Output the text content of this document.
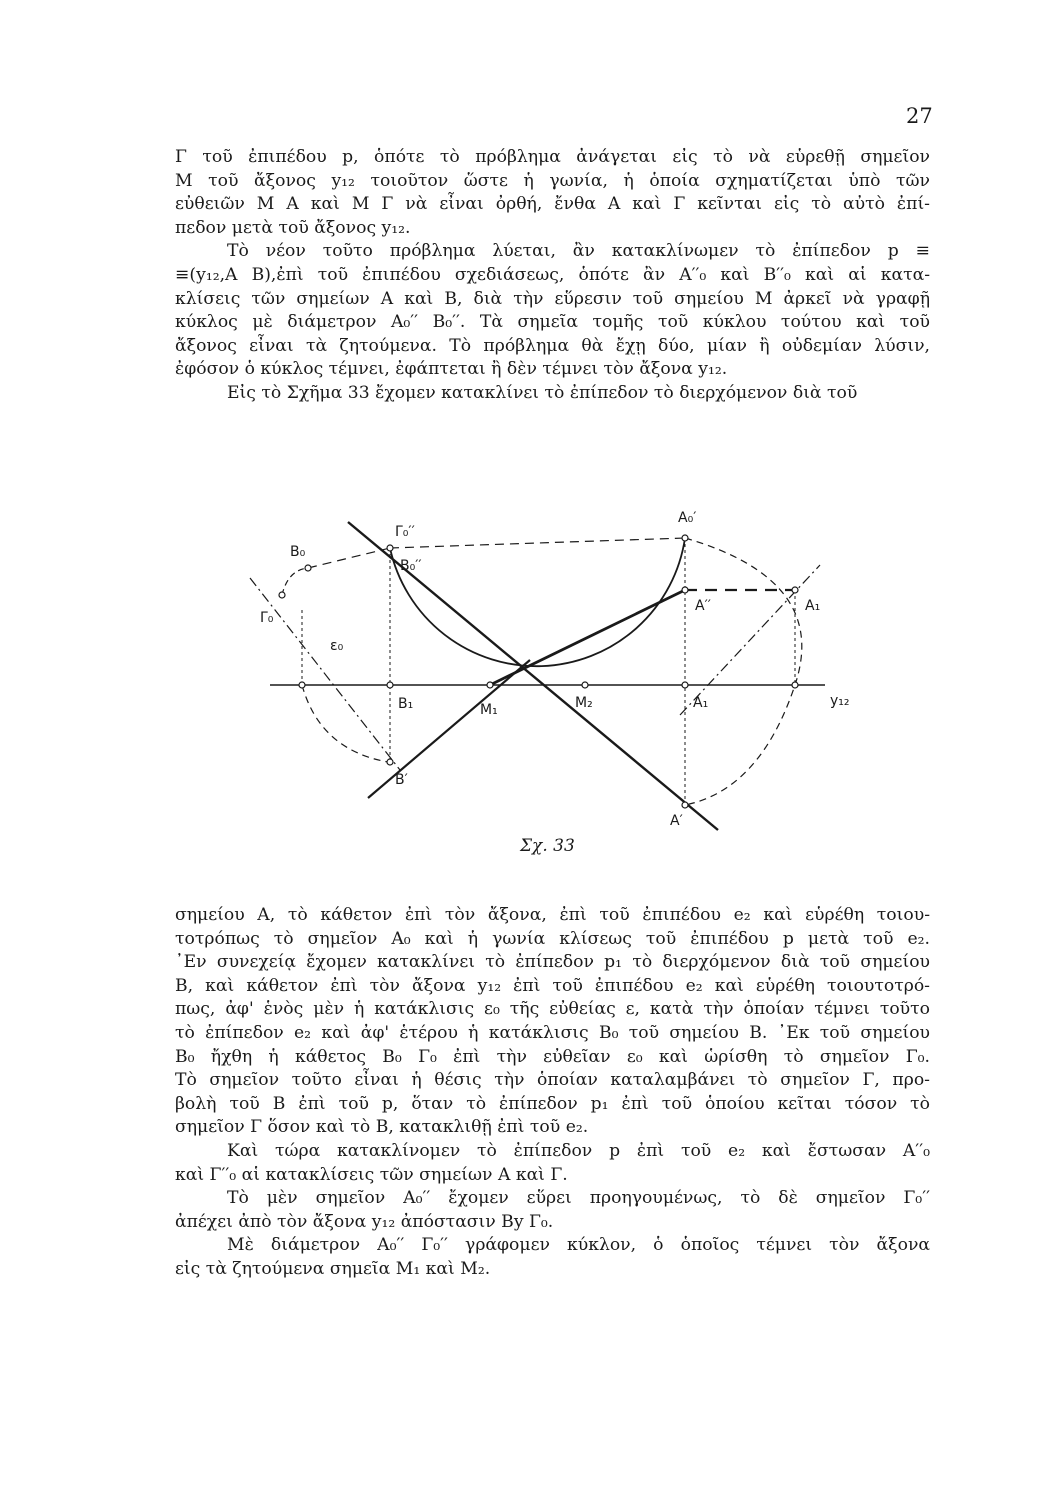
27
Γ τοῦ ἐπιπέδου p, ὁπότε τὸ πρόβλημα ἀνάγεται εἰς τὸ νὰ εὑρεθῇ σημεῖον
M τοῦ ἄξονος y₁₂ τοιοῦτον ὥστε ἡ γωνία, ἡ ὁποία σχηματίζεται ὑπὸ τῶν
εὐθειῶν M A καὶ M Γ νὰ εἶναι ὀρθή, ἔνθα A καὶ Γ κεῖνται εἰς τὸ αὐτὸ ἐπί-
πεδον μετὰ τοῦ ἄξονος y₁₂.
Τὸ νέον τοῦτο πρόβλημα λύεται, ἂν κατακλίνωμεν τὸ ἐπίπεδον p ≡
≡(y₁₂,A B),ἐπὶ τοῦ ἐπιπέδου σχεδιάσεως, ὁπότε ἂν A′′₀ καὶ B′′₀ καὶ αἱ κατα-
κλίσεις τῶν σημείων A καὶ B, διὰ τὴν εὕρεσιν τοῦ σημείου M ἀρκεῖ νὰ γραφῇ
κύκλος μὲ διάμετρον A₀′′ B₀′′. Τὰ σημεῖα τομῆς τοῦ κύκλου τούτου καὶ τοῦ
ἄξονος εἶναι τὰ ζητούμενα. Τὸ πρόβλημα θὰ ἔχῃ δύο, μίαν ἢ οὐδεμίαν λύσιν,
ἐφόσον ὁ κύκλος τέμνει, ἐφάπτεται ἢ δὲν τέμνει τὸν ἄξονα y₁₂.
Εἰς τὸ Σχῆμα 33 ἔχομεν κατακλίνει τὸ ἐπίπεδον τὸ διερχόμενον διὰ τοῦ
A₀′
Γ₀′′
B₀
B₀′′
Γ₀
ε₀
A′′	A₁
B₁	M₁	M₂	A₁	y₁₂
B′
A′
Σχ. 33
σημείου A, τὸ κάθετον ἐπὶ τὸν ἄξονα, ἐπὶ τοῦ ἐπιπέδου e₂ καὶ εὑρέθη τοιου-
τοτρόπως τὸ σημεῖον A₀ καὶ ἡ γωνία κλίσεως τοῦ ἐπιπέδου p μετὰ τοῦ e₂.
᾿Εν συνεχείᾳ ἔχομεν κατακλίνει τὸ ἐπίπεδον p₁ τὸ διερχόμενον διὰ τοῦ σημείου
B, καὶ κάθετον ἐπὶ τὸν ἄξονα y₁₂ ἐπὶ τοῦ ἐπιπέδου e₂ καὶ εὑρέθη τοιουτοτρό-
πως, ἀφ' ἑνὸς μὲν ἡ κατάκλισις ε₀ τῆς εὐθείας ε, κατὰ τὴν ὁποίαν τέμνει τοῦτο
τὸ ἐπίπεδον e₂ καὶ ἀφ' ἑτέρου ἡ κατάκλισις B₀ τοῦ σημείου B. ᾿Εκ τοῦ σημείου
B₀ ἤχθη ἡ κάθετος B₀ Γ₀ ἐπὶ τὴν εὐθεῖαν ε₀ καὶ ὡρίσθη τὸ σημεῖον Γ₀.
Τὸ σημεῖον τοῦτο εἶναι ἡ θέσις τὴν ὁποίαν καταλαμβάνει τὸ σημεῖον Γ, προ-
βολὴ τοῦ B ἐπὶ τοῦ p, ὅταν τὸ ἐπίπεδον p₁ ἐπὶ τοῦ ὁποίου κεῖται τόσον τὸ
σημεῖον Γ ὅσον καὶ τὸ B, κατακλιθῇ ἐπὶ τοῦ e₂.
Καὶ τώρα κατακλίνομεν τὸ ἐπίπεδον p ἐπὶ τοῦ e₂ καὶ ἔστωσαν A′′₀
καὶ Γ′′₀ αἱ κατακλίσεις τῶν σημείων A καὶ Γ.
Τὸ μὲν σημεῖον A₀′′ ἔχομεν εὕρει προηγουμένως, τὸ δὲ σημεῖον Γ₀′′
ἀπέχει ἀπὸ τὸν ἄξονα y₁₂ ἀπόστασιν By Γ₀.
Μὲ διάμετρον A₀′′ Γ₀′′ γράφομεν κύκλον, ὁ ὁποῖος τέμνει τὸν ἄξονα
εἰς τὰ ζητούμενα σημεῖα M₁ καὶ M₂.
